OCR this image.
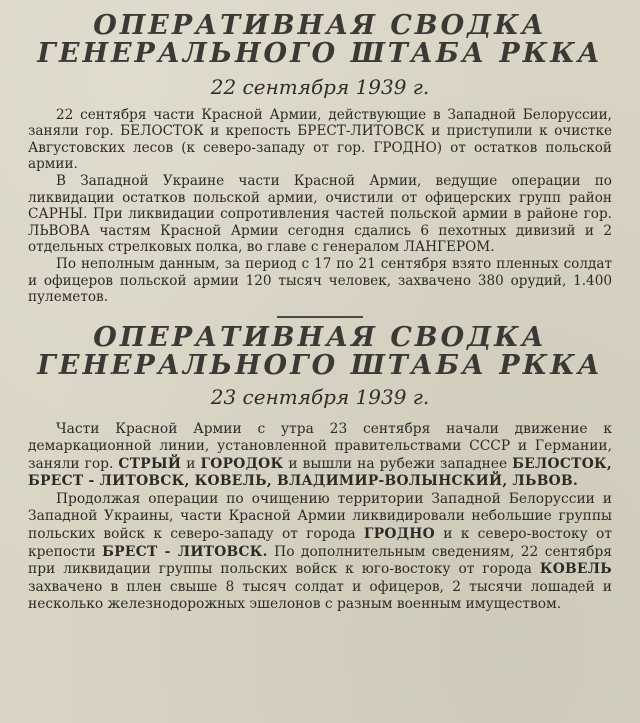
ОПЕРАТИВНАЯ СВОДКА
ГЕНЕРАЛЬНОГО ШТАБА РККА
22 сентября 1939 г.

22 сентября части Красной Армии, действующие в Западной Белоруссии, заняли гор. БЕЛОСТОК и крепость БРЕСТ-ЛИТОВСК и приступили к очистке Августовских лесов (к северо-западу от гор. ГРОДНО) от остатков польской армии.

В Западной Украине части Красной Армии, ведущие операции по ликвидации остатков польской армии, очистили от офицерских групп район САРНЫ. При ликвидации сопротивления частей польской армии в районе гор. ЛЬВОВА частям Красной Армии сегодня сдались 6 пехотных дивизий и 2 отдельных стрелковых полка, во главе с генералом ЛАНГЕРОМ.

По неполным данным, за период с 17 по 21 сентября взято пленных солдат и офицеров польской армии 120 тысяч человек, захвачено 380 орудий, 1.400 пулеметов.

ОПЕРАТИВНАЯ СВОДКА
ГЕНЕРАЛЬНОГО ШТАБА РККА
23 сентября 1939 г.

Части Красной Армии с утра 23 сентября начали движение к демаркационной линии, установленной правительствами СССР и Германии, заняли гор. СТРЫЙ и ГОРОДОК и вышли на рубежи западнее БЕЛОСТОК, БРЕСТ - ЛИТОВСК, КОВЕЛЬ, ВЛАДИМИР-ВОЛЫНСКИЙ, ЛЬВОВ.

Продолжая операции по очищению территории Западной Белоруссии и Западной Украины, части Красной Армии ликвидировали небольшие группы польских войск к северо-западу от города ГРОДНО и к северо-востоку от крепости БРЕСТ - ЛИТОВСК. По дополнительным сведениям, 22 сентября при ликвидации группы польских войск к юго-востоку от города КОВЕЛЬ захвачено в плен свыше 8 тысяч солдат и офицеров, 2 тысячи лошадей и несколько железнодорожных эшелонов с разным военным имуществом.
